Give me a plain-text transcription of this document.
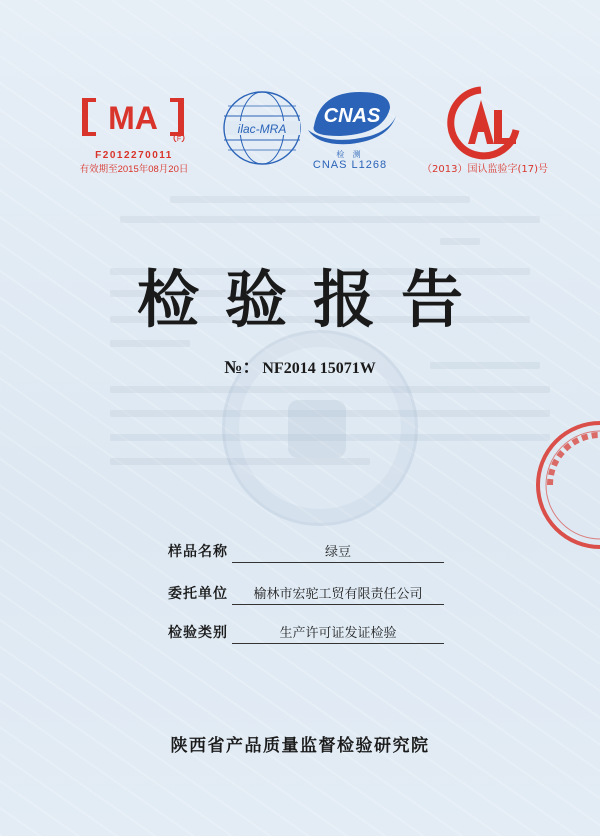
MA
F
F2012270011
有效期至2015年08月20日
ilac-MRA
CNAS
检 测
CNAS L1268	（2013）国认监验字(17)号
检验报告
№： NF2014 15071W
样品名称	绿豆
委托单位	榆林市宏驼工贸有限责任公司
检验类别	生产许可证发证检验
陕西省产品质量监督检验研究院
